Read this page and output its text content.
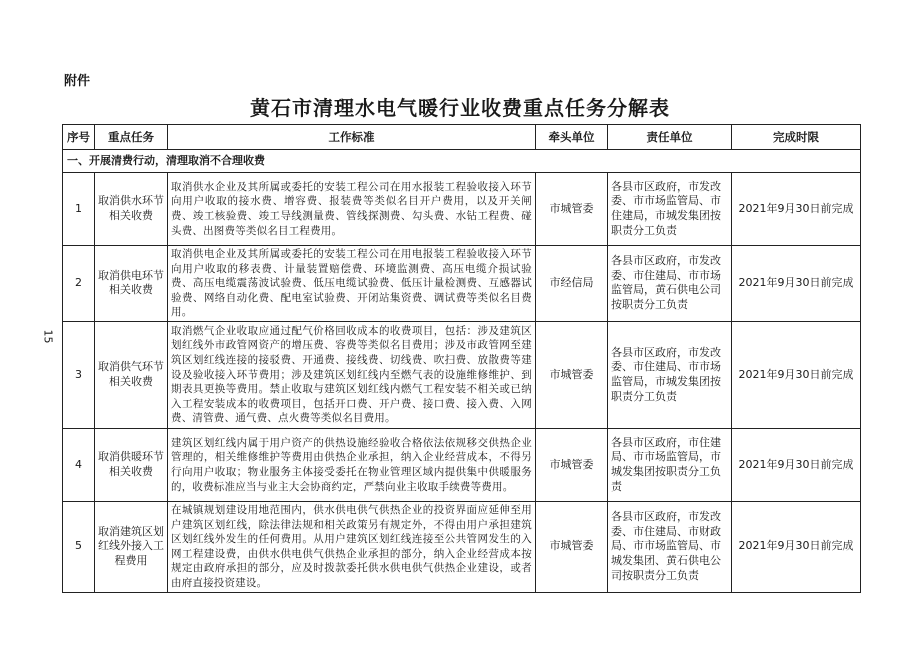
附件
黄石市清理水电气暖行业收费重点任务分解表
15
序号	重点任务	工作标准	牵头单位	责任单位	完成时限
一、开展清费行动，清理取消不合理收费					
1	取消供水环节相关收费	取消供水企业及其所属或委托的安装工程公司在用水报装工程验收接入环节向用户收取的接水费、增容费、报装费等类似名目开户费用，以及开关闸费、竣工核验费、竣工导线测量费、管线探测费、勾头费、水钻工程费、碰头费、出图费等类似名目工程费用。	市城管委	各县市区政府，市发改委、市市场监管局、市住建局，市城发集团按职责分工负责	2021年9月30日前完成
2	取消供电环节相关收费	取消供电企业及其所属或委托的安装工程公司在用电报装工程验收接入环节向用户收取的移表费、计量装置赔偿费、环境监测费、高压电缆介损试验费、高压电缆震荡波试验费、低压电缆试验费、低压计量检测费、互感器试验费、网络自动化费、配电室试验费、开闭站集资费、调试费等类似名目费用。	市经信局	各县市区政府，市发改委、市住建局、市市场监管局，黄石供电公司按职责分工负责	2021年9月30日前完成
3	取消供气环节相关收费	取消燃气企业收取应通过配气价格回收成本的收费项目，包括：涉及建筑区划红线外市政管网资产的增压费、容费等类似名目费用；涉及市政管网至建筑区划红线连接的接驳费、开通费、接线费、切线费、吹扫费、放散费等建设及验收接入环节费用；涉及建筑区划红线内至燃气表的设施维修维护、到期表具更换等费用。禁止收取与建筑区划红线内燃气工程安装不相关或已纳入工程安装成本的收费项目，包括开口费、开户费、接口费、接入费、入网费、清管费、通气费、点火费等类似名目费用。	市城管委	各县市区政府，市发改委、市住建局、市市场监管局，市城发集团按职责分工负责	2021年9月30日前完成
4	取消供暖环节相关收费	建筑区划红线内属于用户资产的供热设施经验收合格依法依规移交供热企业管理的，相关维修维护等费用由供热企业承担，纳入企业经营成本，不得另行向用户收取；物业服务主体接受委托在物业管理区域内提供集中供暖服务的，收费标准应当与业主大会协商约定，严禁向业主收取手续费等费用。	市城管委	各县市区政府，市住建局、市市场监管局，市城发集团按职责分工负责	2021年9月30日前完成
5	取消建筑区划红线外接入工程费用	在城镇规划建设用地范围内，供水供电供气供热企业的投资界面应延伸至用户建筑区划红线，除法律法规和相关政策另有规定外，不得由用户承担建筑区划红线外发生的任何费用。从用户建筑区划红线连接至公共管网发生的入网工程建设费，由供水供电供气供热企业承担的部分，纳入企业经营成本按规定由政府承担的部分，应及时拨款委托供水供电供气供热企业建设，或者由府直接投资建设。	市城管委	各县市区政府，市发改委、市住建局、市财政局、市市场监管局、市城发集团、黄石供电公司按职责分工负责	2021年9月30日前完成
